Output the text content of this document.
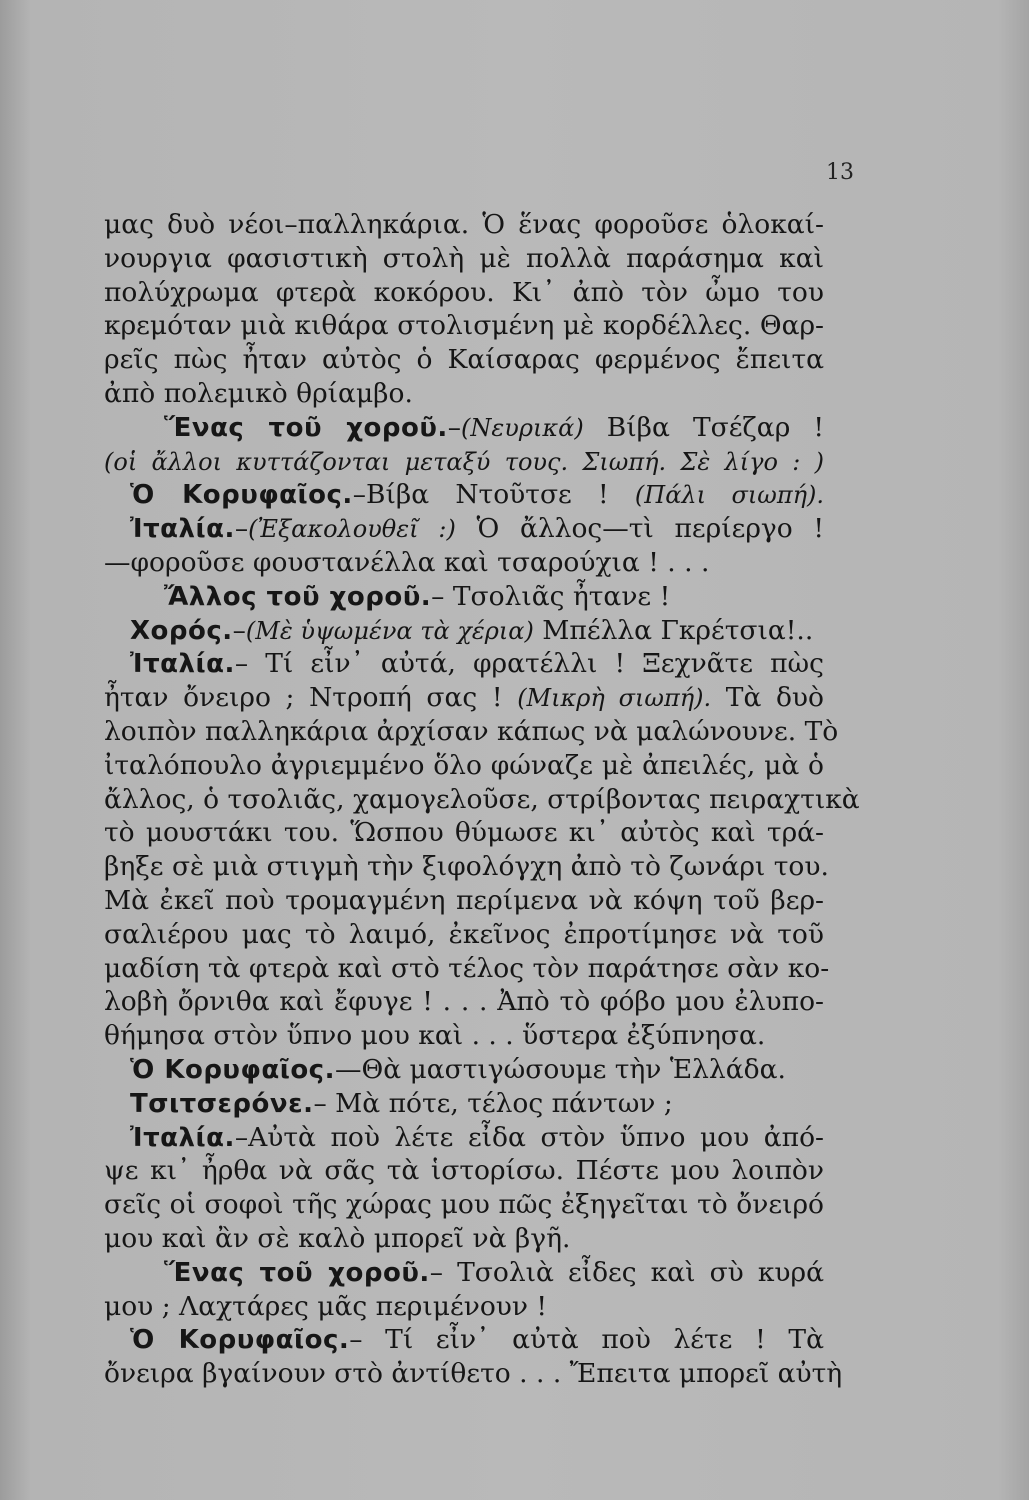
13
μας δυὸ νέοι–παλληκάρια. Ὁ ἕνας φοροῦσε ὁλοκαί-
νουργια φασιστικὴ στολὴ μὲ πολλὰ παράσημα καὶ
πολύχρωμα φτερὰ κοκόρου. Κι᾽ ἀπὸ τὸν ὦμο του
κρεμόταν μιὰ κιθάρα στολισμένη μὲ κορδέλλες. Θαρ-
ρεῖς πὼς ἦταν αὐτὸς ὁ Καίσαρας φερμένος ἔπειτα
ἀπὸ πολεμικὸ θρίαμβο.
Ἕνας τοῦ χοροῦ.–(Νευρικά) Βίβα Τσέζαρ !
(οἱ ἄλλοι κυττάζονται μεταξύ τους. Σιωπή. Σὲ λίγο : )
Ὁ Κορυφαῖος.–Βίβα Ντοῦτσε ! (Πάλι σιωπή).
Ἰταλία.–(Ἐξακολουθεῖ :) Ὁ ἄλλος—τὶ περίεργο !
—φοροῦσε φουστανέλλα καὶ τσαρούχια ! . . .
Ἄλλος τοῦ χοροῦ.– Τσολιᾶς ἦτανε !
Χορός.–(Μὲ ὑψωμένα τὰ χέρια) Μπέλλα Γκρέτσια!..
Ἰταλία.– Τί εἶν᾽ αὐτά, φρατέλλι ! Ξεχνᾶτε πὼς
ἦταν ὄνειρο ; Ντροπή σας ! (Μικρὴ σιωπή). Τὰ δυὸ
λοιπὸν παλληκάρια ἀρχίσαν κάπως νὰ μαλώνουνε. Τὸ
ἰταλόπουλο ἀγριεμμένο ὅλο φώναζε μὲ ἀπειλές, μὰ ὁ
ἄλλος, ὁ τσολιᾶς, χαμογελοῦσε, στρίβοντας πειραχτικὰ
τὸ μουστάκι του. Ὥσπου θύμωσε κι᾽ αὐτὸς καὶ τρά-
βηξε σὲ μιὰ στιγμὴ τὴν ξιφολόγχη ἀπὸ τὸ ζωνάρι του.
Μὰ ἐκεῖ ποὺ τρομαγμένη περίμενα νὰ κόψη τοῦ βερ-
σαλιέρου μας τὸ λαιμό, ἐκεῖνος ἐπροτίμησε νὰ τοῦ
μαδίση τὰ φτερὰ καὶ στὸ τέλος τὸν παράτησε σὰν κο-
λοβὴ ὄρνιθα καὶ ἔφυγε ! . . . Ἀπὸ τὸ φόβο μου ἐλυπο-
θήμησα στὸν ὕπνο μου καὶ . . . ὕστερα ἐξύπνησα.
Ὁ Κορυφαῖος.—Θὰ μαστιγώσουμε τὴν Ἑλλάδα.
Τσιτσερόνε.– Μὰ πότε, τέλος πάντων ;
Ἰταλία.–Αὐτὰ ποὺ λέτε εἶδα στὸν ὕπνο μου ἀπό-
ψε κι᾽ ἦρθα νὰ σᾶς τὰ ἱστορίσω. Πέστε μου λοιπὸν
σεῖς οἱ σοφοὶ τῆς χώρας μου πῶς ἐξηγεῖται τὸ ὄνειρό
μου καὶ ἂν σὲ καλὸ μπορεῖ νὰ βγῆ.
Ἕνας τοῦ χοροῦ.– Τσολιὰ εἶδες καὶ σὺ κυρά
μου ; Λαχτάρες μᾶς περιμένουν !
Ὁ Κορυφαῖος.– Τί εἶν᾽ αὐτὰ ποὺ λέτε ! Τὰ
ὄνειρα βγαίνουν στὸ ἀντίθετο . . . Ἔπειτα μπορεῖ αὐτὴ
